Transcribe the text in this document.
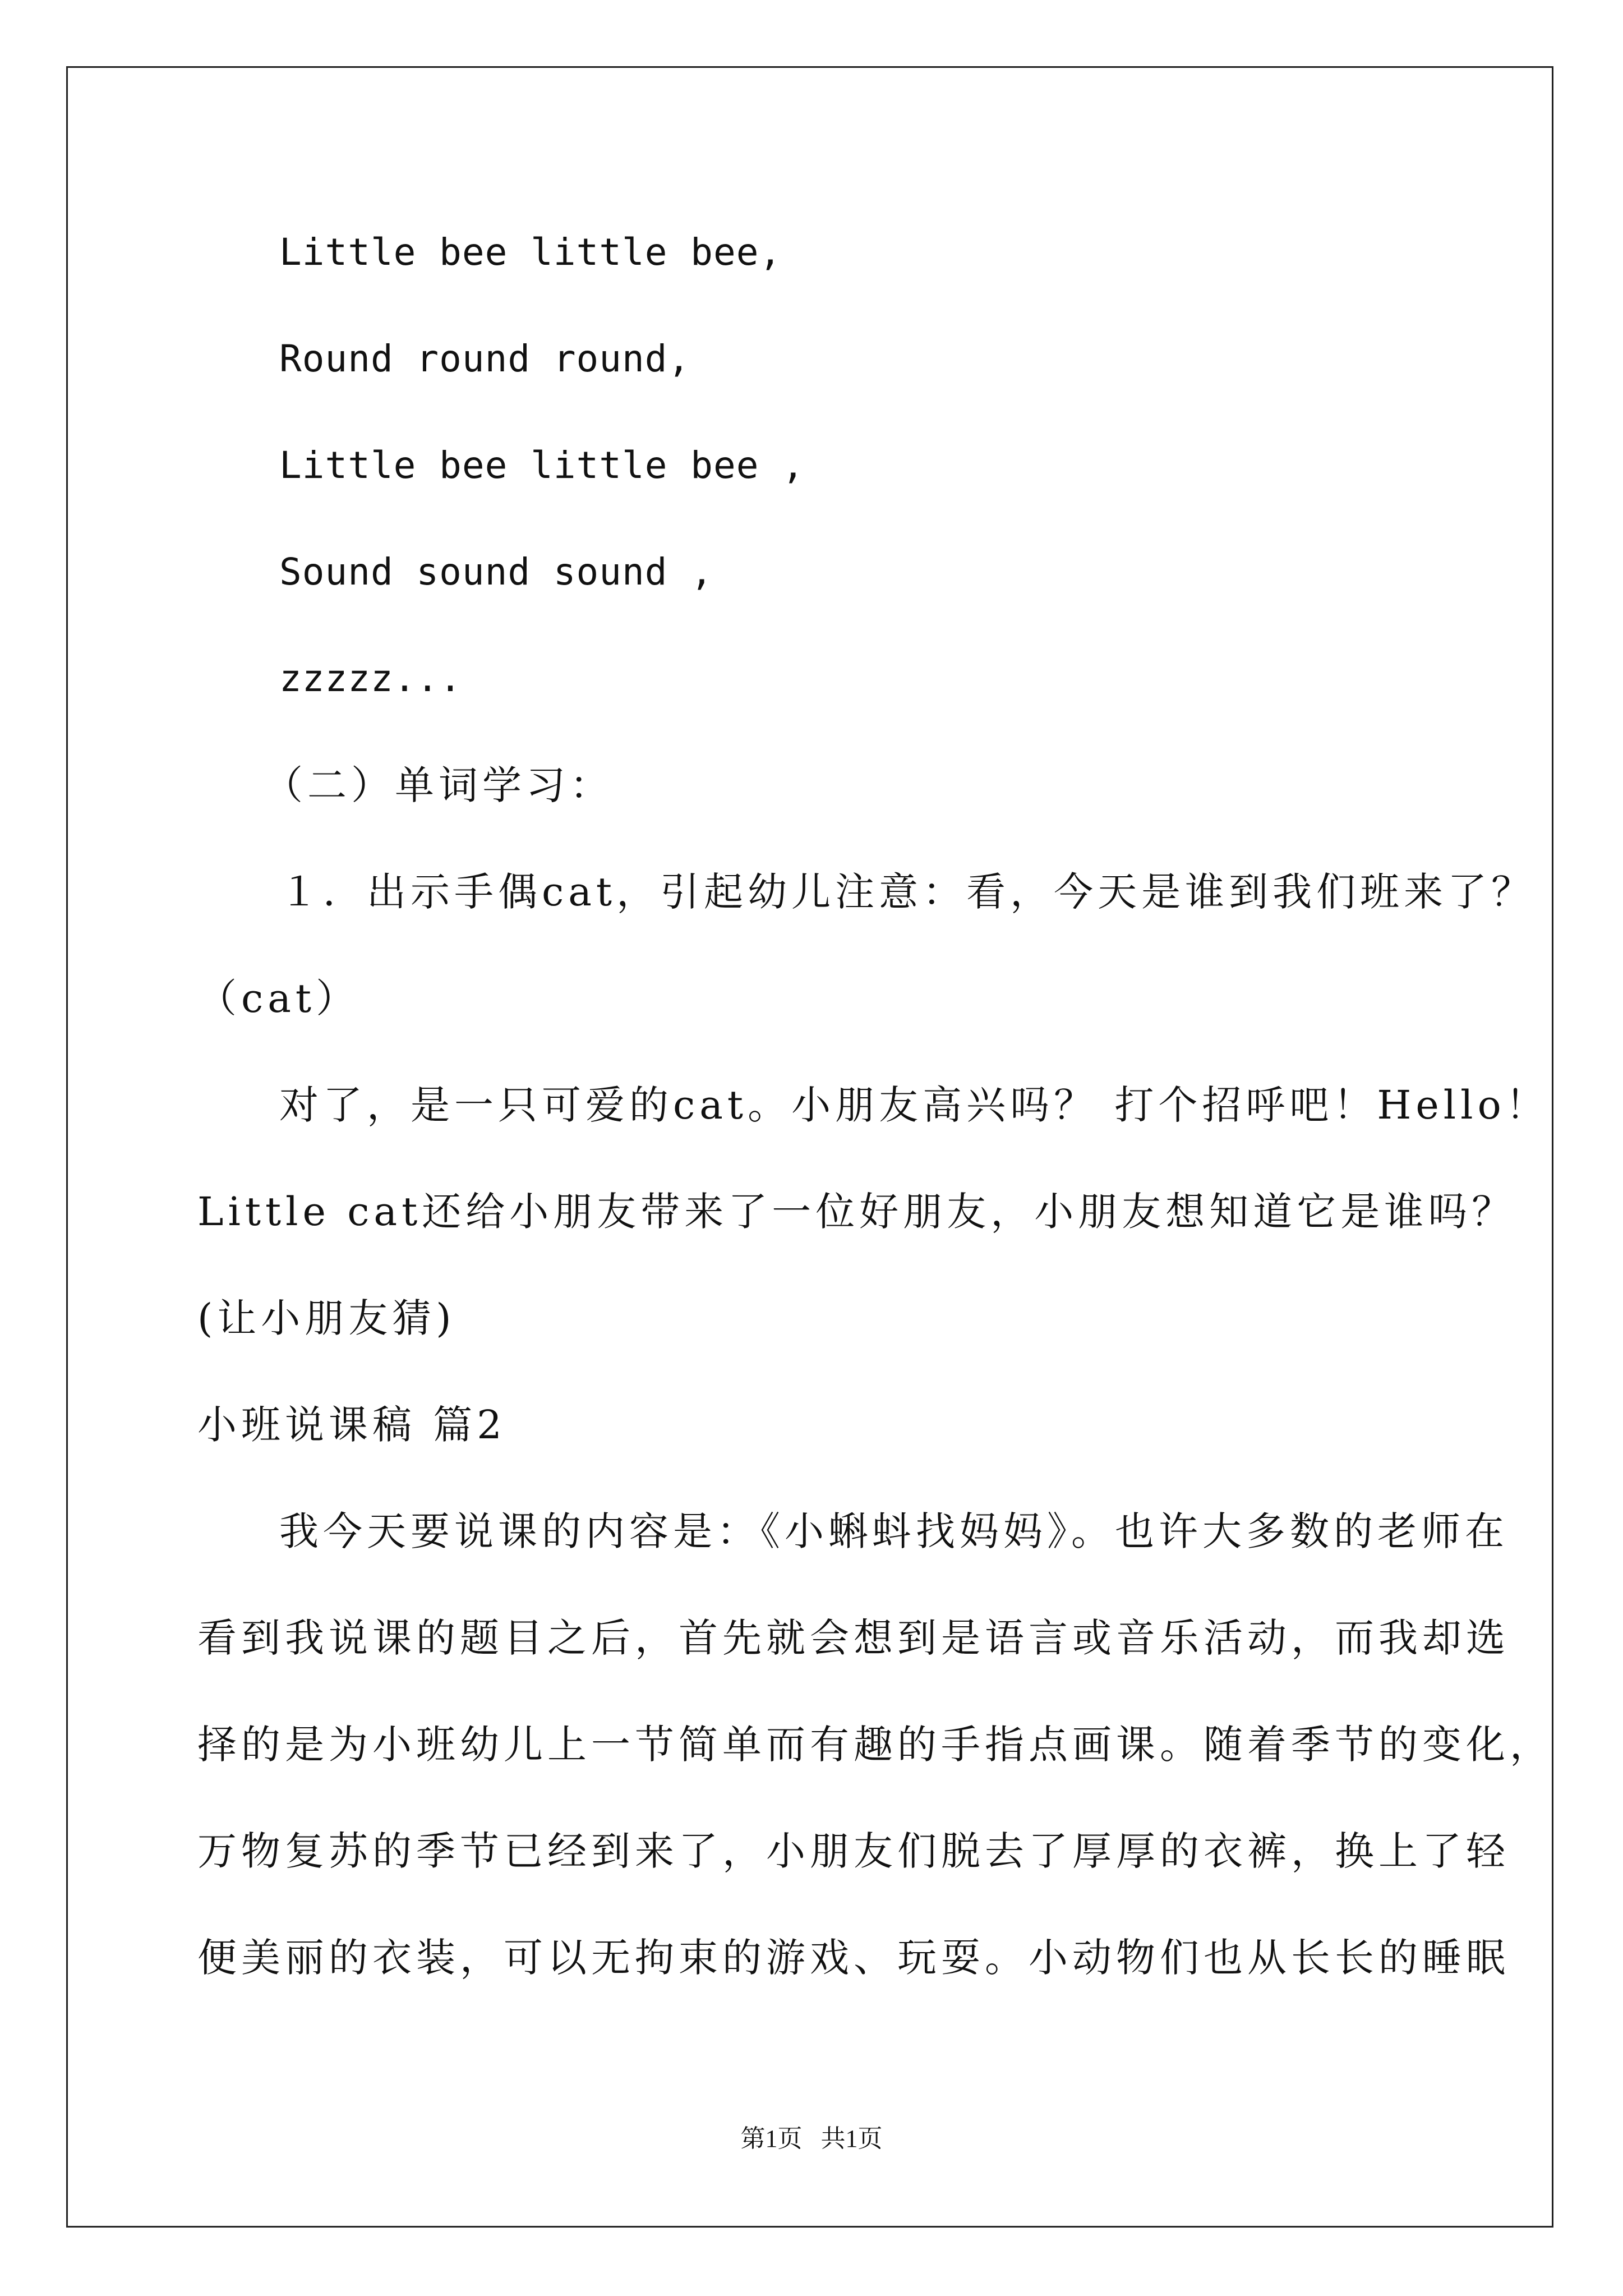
Little bee little bee,
Round round round,
Little bee little bee ,
Sound sound sound ,
zzzzz...
（二）单词学习：
１．出示手偶cat，引起幼儿注意：看，今天是谁到我们班来了？
（cat）
对了，是一只可爱的cat。小朋友高兴吗？ 打个招呼吧！Hello！
Little cat还给小朋友带来了一位好朋友，小朋友想知道它是谁吗？
(让小朋友猜)
小班说课稿 篇2
我今天要说课的内容是：《小蝌蚪找妈妈》。也许大多数的老师在
看到我说课的题目之后，首先就会想到是语言或音乐活动，而我却选
择的是为小班幼儿上一节简单而有趣的手指点画课。随着季节的变化，
万物复苏的季节已经到来了，小朋友们脱去了厚厚的衣裤，换上了轻
便美丽的衣装，可以无拘束的游戏、玩耍。小动物们也从长长的睡眠
第1页   共1页
